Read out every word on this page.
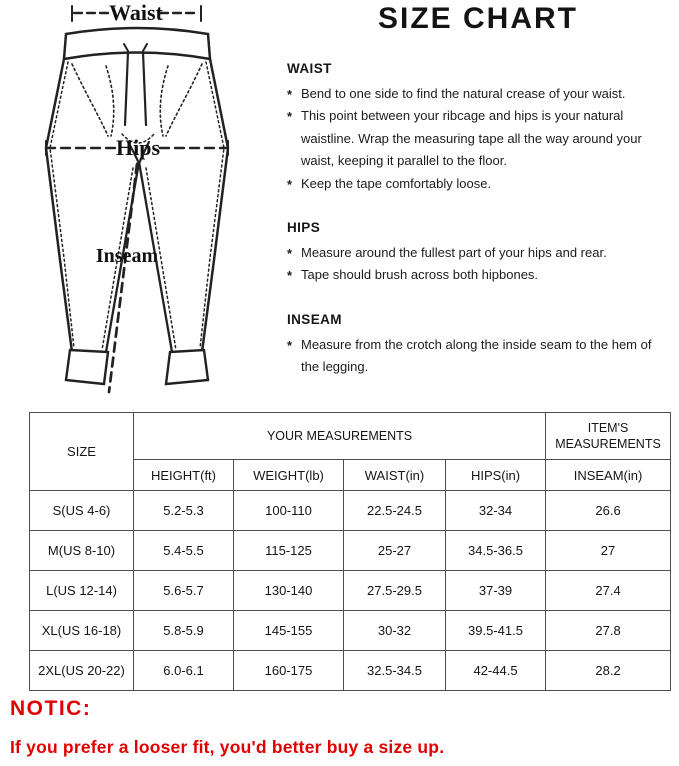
Waist
Hips
Inseam
SIZE CHART
WAIST
* Bend to one side to find the natural crease of your waist.
* This point between your ribcage and hips is your natural waistline. Wrap the measuring tape all the way around your waist, keeping it parallel to the floor.
* Keep the tape comfortably loose.
HIPS
* Measure around the fullest part of your hips and rear.
* Tape should brush across both hipbones.
INSEAM
* Measure from the crotch along the inside seam to the hem of the legging.
SIZE	YOUR MEASUREMENTS				ITEM'S MEASUREMENTS
	HEIGHT(ft)	WEIGHT(lb)	WAIST(in)	HIPS(in)	INSEAM(in)
S(US 4-6)	5.2-5.3	100-110	22.5-24.5	32-34	26.6
M(US 8-10)	5.4-5.5	115-125	25-27	34.5-36.5	27
L(US 12-14)	5.6-5.7	130-140	27.5-29.5	37-39	27.4
XL(US 16-18)	5.8-5.9	145-155	30-32	39.5-41.5	27.8
2XL(US 20-22)	6.0-6.1	160-175	32.5-34.5	42-44.5	28.2
NOTIC:
If you prefer a looser fit, you'd better buy a size up.
